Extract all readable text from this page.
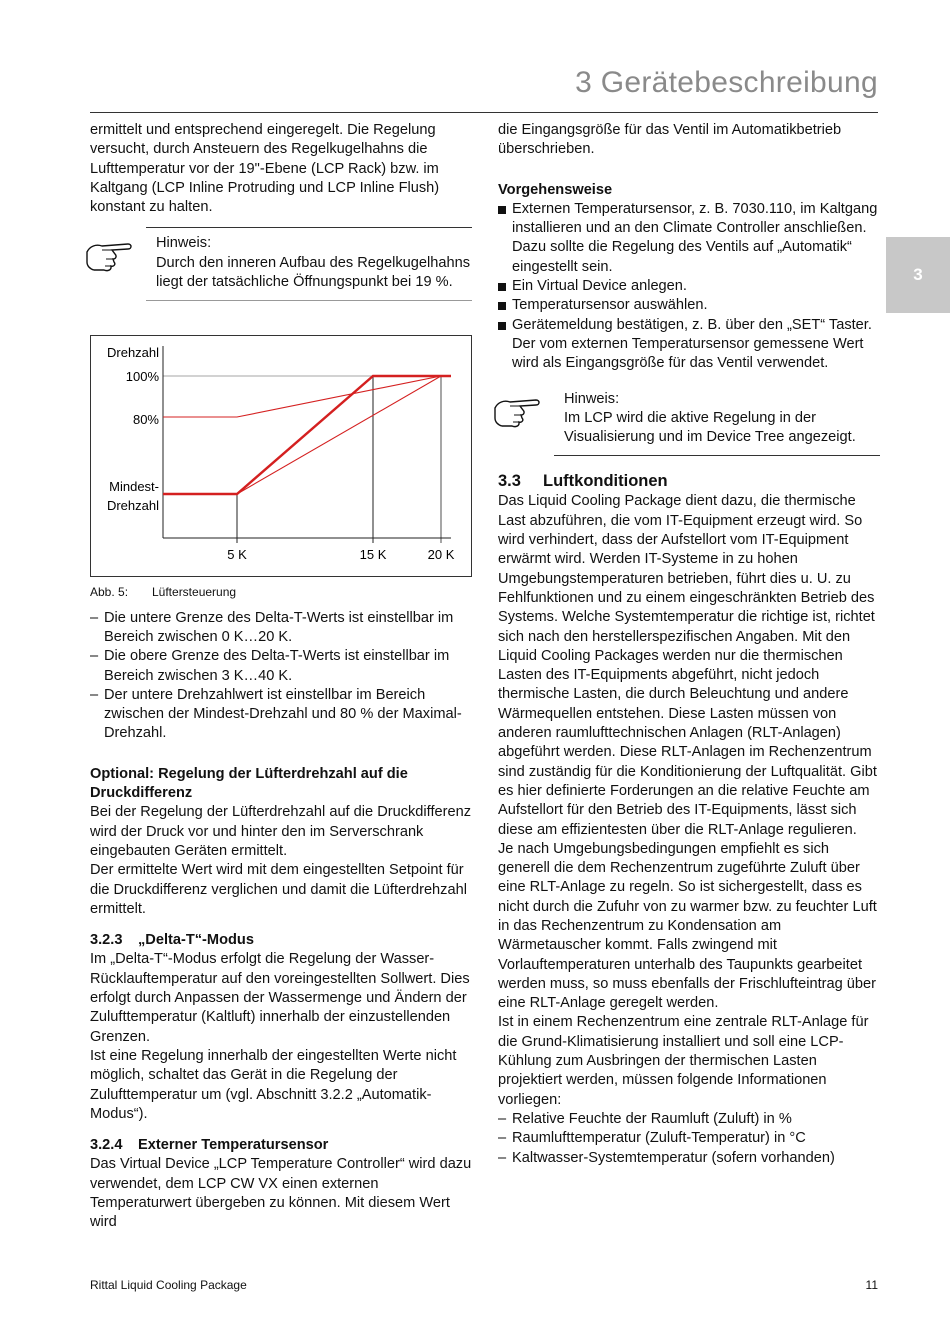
3 Gerätebeschreibung
3

ermittelt und entsprechend eingeregelt. Die Regelung versucht, durch Ansteuern des Regelkugelhahns die Lufttemperatur vor der 19"-Ebene (LCP Rack) bzw. im Kaltgang (LCP Inline Protruding und LCP Inline Flush) konstant zu halten.

Hinweis:

Durch den inneren Aufbau des Regelkugelhahns liegt der tatsächliche Öffnungspunkt bei 19 %.

Drehzahl
100%
80%
Mindest-
Drehzahl
5 K	15 K	20 K
Abb. 5: Lüftersteuerung
– Die untere Grenze des Delta-T-Werts ist einstellbar im Bereich zwischen 0 K…20 K.
– Die obere Grenze des Delta-T-Werts ist einstellbar im Bereich zwischen 3 K…40 K.
– Der untere Drehzahlwert ist einstellbar im Bereich zwischen der Mindest-Drehzahl und 80 % der Maximal-Drehzahl.
Optional: Regelung der Lüfterdrehzahl auf die Druckdifferenz

Bei der Regelung der Lüfterdrehzahl auf die Druckdifferenz wird der Druck vor und hinter den im Serverschrank eingebauten Geräten ermittelt.

Der ermittelte Wert wird mit dem eingestellten Setpoint für die Druckdifferenz verglichen und damit die Lüfterdrehzahl ermittelt.

3.2.3 „Delta-T“-Modus

Im „Delta-T“-Modus erfolgt die Regelung der Wasser-Rücklauftemperatur auf den voreingestellten Sollwert. Dies erfolgt durch Anpassen der Wassermenge und Ändern der Zulufttemperatur (Kaltluft) innerhalb der einzustellenden Grenzen.

Ist eine Regelung innerhalb der eingestellten Werte nicht möglich, schaltet das Gerät in die Regelung der Zulufttemperatur um (vgl. Abschnitt 3.2.2 „Automatik-Modus“).

3.2.4 Externer Temperatursensor

Das Virtual Device „LCP Temperature Controller“ wird dazu verwendet, dem LCP CW VX einen externen Temperaturwert übergeben zu können. Mit diesem Wert wird

die Eingangsgröße für das Ventil im Automatikbetrieb überschrieben.

Vorgehensweise
Externen Temperatursensor, z. B. 7030.110, im Kaltgang installieren und an den Climate Controller anschließen. Dazu sollte die Regelung des Ventils auf „Automatik“ eingestellt sein.
Ein Virtual Device anlegen.
Temperatursensor auswählen.
Gerätemeldung bestätigen, z. B. über den „SET“ Taster.

Der vom externen Temperatursensor gemessene Wert wird als Eingangsgröße für das Ventil verwendet.

Hinweis:

Im LCP wird die aktive Regelung in der Visualisierung und im Device Tree angezeigt.

3.3 Luftkonditionen

Das Liquid Cooling Package dient dazu, die thermische Last abzuführen, die vom IT-Equipment erzeugt wird. So wird verhindert, dass der Aufstellort vom IT-Equipment erwärmt wird. Werden IT-Systeme in zu hohen Umgebungstemperaturen betrieben, führt dies u. U. zu Fehlfunktionen und zu einem eingeschränkten Betrieb des Systems. Welche Systemtemperatur die richtige ist, richtet sich nach den herstellerspezifischen Angaben. Mit den Liquid Cooling Packages werden nur die thermischen Lasten des IT-Equipments abgeführt, nicht jedoch thermische Lasten, die durch Beleuchtung und andere Wärmequellen entstehen. Diese Lasten müssen von anderen raumlufttechnischen Anlagen (RLT-Anlagen) abgeführt werden. Diese RLT-Anlagen im Rechenzentrum sind zuständig für die Konditionierung der Luftqualität. Gibt es hier definierte Forderungen an die relative Feuchte am Aufstellort für den Betrieb des IT-Equipments, lässt sich diese am effizientesten über die RLT-Anlage regulieren.

Je nach Umgebungsbedingungen empfiehlt es sich generell die dem Rechenzentrum zugeführte Zuluft über eine RLT-Anlage zu regeln. So ist sichergestellt, dass es nicht durch die Zufuhr von zu warmer bzw. zu feuchter Luft in das Rechenzentrum zu Kondensation am Wärmetauscher kommt. Falls zwingend mit Vorlauftemperaturen unterhalb des Taupunkts gearbeitet werden muss, so muss ebenfalls der Frischlufteintrag über eine RLT-Anlage geregelt werden.

Ist in einem Rechenzentrum eine zentrale RLT-Anlage für die Grund-Klimatisierung installiert und soll eine LCP-Kühlung zum Ausbringen der thermischen Lasten projektiert werden, müssen folgende Informationen vorliegen:

– Relative Feuchte der Raumluft (Zuluft) in %
– Raumlufttemperatur (Zuluft-Temperatur) in °C
– Kaltwasser-Systemtemperatur (sofern vorhanden)
Rittal Liquid Cooling Package	11
